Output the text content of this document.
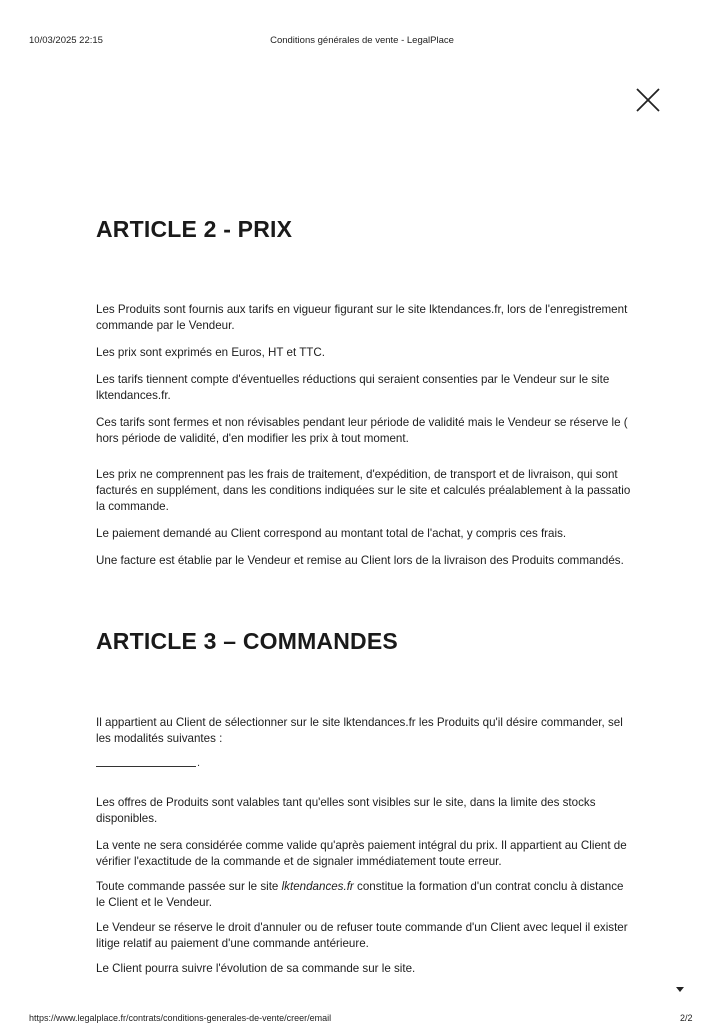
10/03/2025 22:15	Conditions générales de vente - LegalPlace
ARTICLE 2 - PRIX

Les Produits sont fournis aux tarifs en vigueur figurant sur le site lktendances.fr, lors de l'enregistrement

commande par le Vendeur.

Les prix sont exprimés en Euros, HT et TTC.

Les tarifs tiennent compte d'éventuelles réductions qui seraient consenties par le Vendeur sur le site

lktendances.fr.

Ces tarifs sont fermes et non révisables pendant leur période de validité mais le Vendeur se réserve le (

hors période de validité, d'en modifier les prix à tout moment.

Les prix ne comprennent pas les frais de traitement, d'expédition, de transport et de livraison, qui sont

facturés en supplément, dans les conditions indiquées sur le site et calculés préalablement à la passatio

la commande.

Le paiement demandé au Client correspond au montant total de l'achat, y compris ces frais.

Une facture est établie par le Vendeur et remise au Client lors de la livraison des Produits commandés.

ARTICLE 3 – COMMANDES

Il appartient au Client de sélectionner sur le site lktendances.fr les Produits qu'il désire commander, sel

les modalités suivantes :

.

Les offres de Produits sont valables tant qu'elles sont visibles sur le site, dans la limite des stocks

disponibles.

La vente ne sera considérée comme valide qu'après paiement intégral du prix. Il appartient au Client de

vérifier l'exactitude de la commande et de signaler immédiatement toute erreur.

Toute commande passée sur le site lktendances.fr constitue la formation d'un contrat conclu à distance

le Client et le Vendeur.

Le Vendeur se réserve le droit d'annuler ou de refuser toute commande d'un Client avec lequel il exister

litige relatif au paiement d'une commande antérieure.

Le Client pourra suivre l'évolution de sa commande sur le site.

https://www.legalplace.fr/contrats/conditions-generales-de-vente/creer/email	2/2
